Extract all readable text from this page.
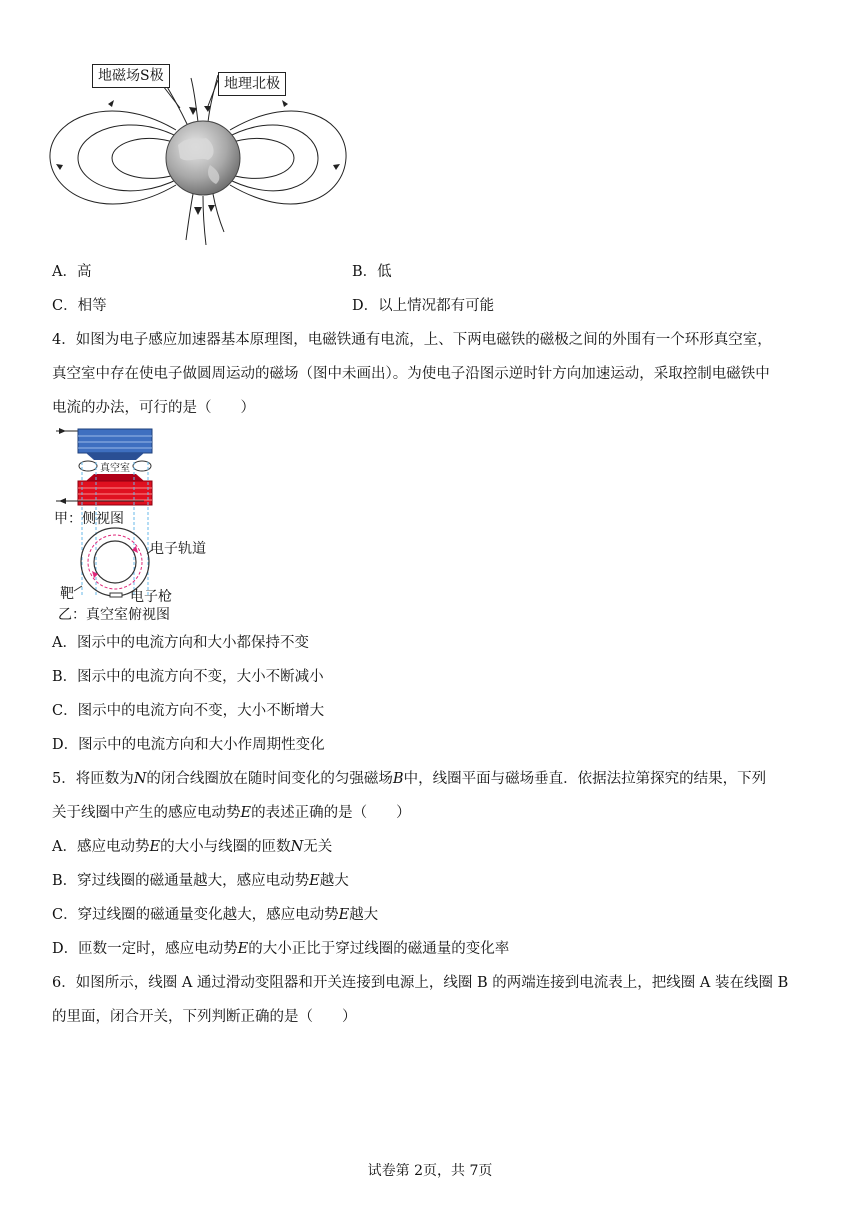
地磁场S极	地理北极
A．高	B．低
C．相等	D．以上情况都有可能
4．如图为电子感应加速器基本原理图，电磁铁通有电流，上、下两电磁铁的磁极之间的外围有一个环形真空室，
真空室中存在使电子做圆周运动的磁场（图中未画出）。为使电子沿图示逆时针方向加速运动，采取控制电磁铁中
电流的办法，可行的是（　　）
真空室
甲：侧视图
电子轨道
靶	电子枪
乙：真空室俯视图
A．图示中的电流方向和大小都保持不变
B．图示中的电流方向不变，大小不断减小
C．图示中的电流方向不变，大小不断增大
D．图示中的电流方向和大小作周期性变化
5．将匝数为N的闭合线圈放在随时间变化的匀强磁场B中，线圈平面与磁场垂直．依据法拉第探究的结果，下列
关于线圈中产生的感应电动势E的表述正确的是（　　）
A．感应电动势E的大小与线圈的匝数N无关
B．穿过线圈的磁通量越大，感应电动势E越大
C．穿过线圈的磁通量变化越大，感应电动势E越大
D．匝数一定时，感应电动势E的大小正比于穿过线圈的磁通量的变化率
6．如图所示，线圈 A 通过滑动变阻器和开关连接到电源上，线圈 B 的两端连接到电流表上，把线圈 A 装在线圈 B
的里面，闭合开关，下列判断正确的是（　　）
试卷第 2页，共 7页
